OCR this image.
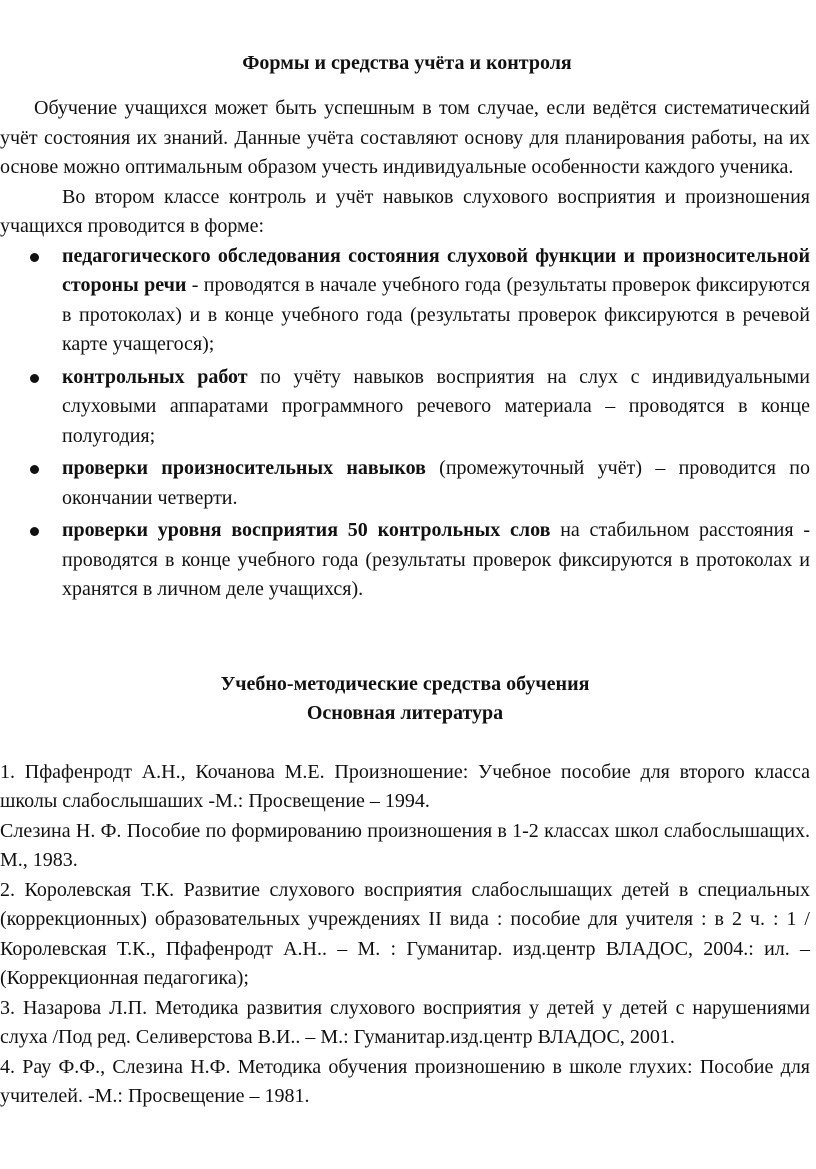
Формы и средства учёта и контроля

Обучение учащихся может быть успешным в том случае, если ведётся систематический учёт состояния их знаний. Данные учёта составляют основу для планирования работы, на их основе можно оптимальным образом учесть индивидуальные особенности каждого ученика.

Во втором классе контроль и учёт навыков слухового восприятия и произношения учащихся проводится в форме:

педагогического обследования состояния слуховой функции и произносительной стороны речи - проводятся в начале учебного года (результаты проверок фиксируются в протоколах) и в конце учебного года (результаты проверок фиксируются в речевой карте учащегося);
контрольных работ по учёту навыков восприятия на слух с индивидуальными слуховыми аппаратами программного речевого материала – проводятся в конце полугодия;
проверки произносительных навыков (промежуточный учёт) – проводится по окончании четверти.
проверки уровня восприятия 50 контрольных слов на стабильном расстояния - проводятся в конце учебного года (результаты проверок фиксируются в протоколах и хранятся в личном деле учащихся).
Учебно-методические средства обучения
Основная литература

1. Пфафенродт А.Н., Кочанова М.Е. Произношение: Учебное пособие для второго класса школы слабослышаших -М.: Просвещение – 1994.

Слезина Н. Ф. Пособие по формированию произношения в 1-2 классах школ слабослышащих. М., 1983.

2. Королевская Т.К. Развитие слухового восприятия слабослышащих детей в специальных (коррекционных) образовательных учреждениях II вида : пособие для учителя : в 2 ч. : 1 /Королевская Т.К., Пфафенродт А.Н.. – М. : Гуманитар. изд.центр ВЛАДОС, 2004.: ил. – (Коррекционная педагогика);

3. Назарова Л.П. Методика развития слухового восприятия у детей у детей с нарушениями слуха /Под ред. Селиверстова В.И.. – М.: Гуманитар.изд.центр ВЛАДОС, 2001.

4. Рау Ф.Ф., Слезина Н.Ф. Методика обучения произношению в школе глухих: Пособие для учителей. -М.: Просвещение – 1981.
